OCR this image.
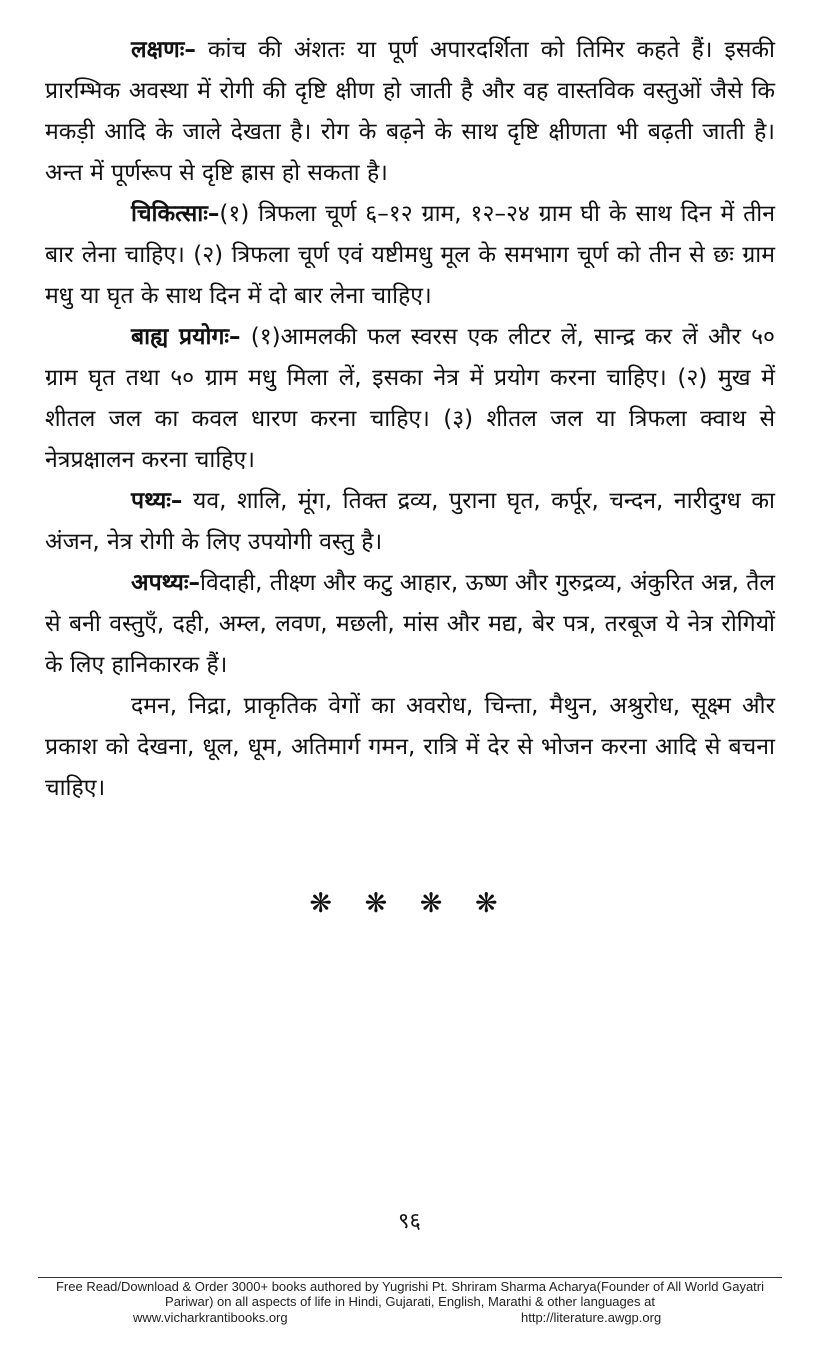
लक्षणः– कांच की अंशतः या पूर्ण अपारदर्शिता को तिमिर कहते हैं। इसकी प्रारम्भिक अवस्था में रोगी की दृष्टि क्षीण हो जाती है और वह वास्तविक वस्तुओं जैसे कि मकड़ी आदि के जाले देखता है। रोग के बढ़ने के साथ दृष्टि क्षीणता भी बढ़ती जाती है। अन्त में पूर्णरूप से दृष्टि ह्रास हो सकता है।

चिकित्साः–(१) त्रिफला चूर्ण ६–१२ ग्राम, १२–२४ ग्राम घी के साथ दिन में तीन बार लेना चाहिए। (२) त्रिफला चूर्ण एवं यष्टीमधु मूल के समभाग चूर्ण को तीन से छः ग्राम मधु या घृत के साथ दिन में दो बार लेना चाहिए।

बाह्य प्रयोगः– (१)आमलकी फल स्वरस एक लीटर लें, सान्द्र कर लें और ५० ग्राम घृत तथा ५० ग्राम मधु मिला लें, इसका नेत्र में प्रयोग करना चाहिए। (२) मुख में शीतल जल का कवल धारण करना चाहिए। (३) शीतल जल या त्रिफला क्वाथ से नेत्रप्रक्षालन करना चाहिए।

पथ्यः– यव, शालि, मूंग, तिक्त द्रव्य, पुराना घृत, कर्पूर, चन्दन, नारीदुग्ध का अंजन, नेत्र रोगी के लिए उपयोगी वस्तु है।

अपथ्यः–विदाही, तीक्ष्ण और कटु आहार, ऊष्ण और गुरुद्रव्य, अंकुरित अन्न, तैल से बनी वस्तुएँ, दही, अम्ल, लवण, मछली, मांस और मद्य, बेर पत्र, तरबूज ये नेत्र रोगियों के लिए हानिकारक हैं।

दमन, निद्रा, प्राकृतिक वेगों का अवरोध, चिन्ता, मैथुन, अश्रुरोध, सूक्ष्म और प्रकाश को देखना, धूल, धूम, अतिमार्ग गमन, रात्रि में देर से भोजन करना आदि से बचना चाहिए।

❋ ❋ ❋ ❋
९६
Free Read/Download & Order 3000+ books authored by Yugrishi Pt. Shriram Sharma Acharya(Founder of All World Gayatri Pariwar) on all aspects of life in Hindi, Gujarati, English, Marathi & other languages at
www.vicharkrantibooks.org	http://literature.awgp.org
